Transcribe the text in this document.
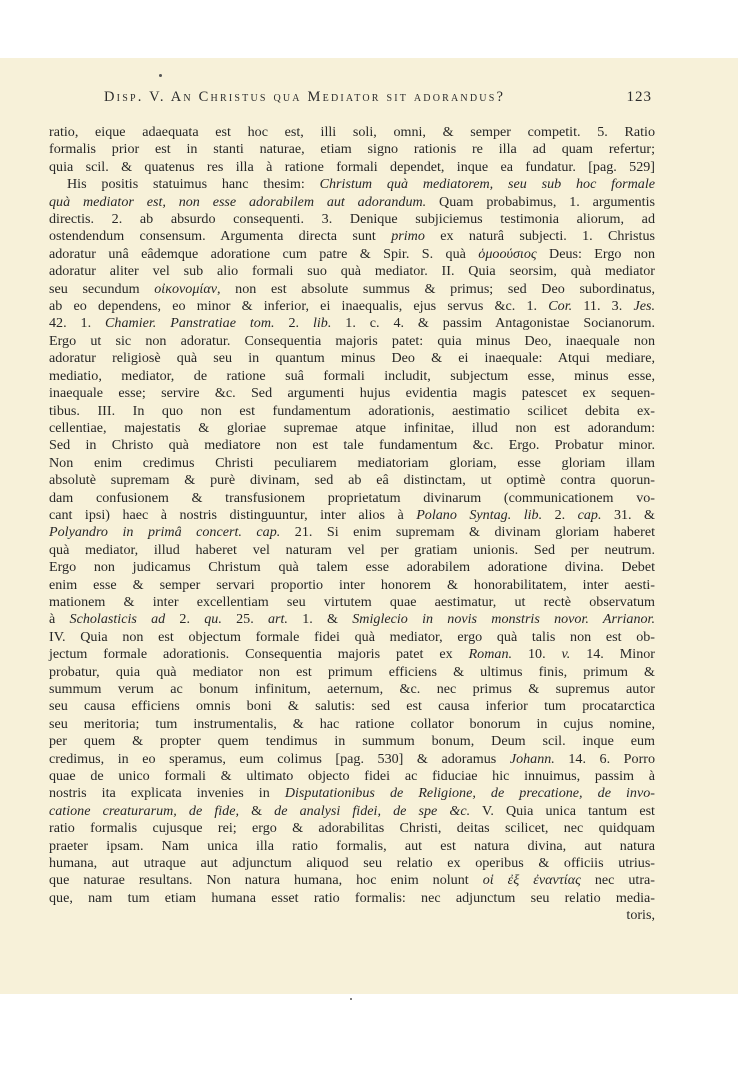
Disp. V. An Christus qua Mediator sit adorandus?	123
ratio, eique adaequata est hoc est, illi soli, omni, & semper competit. 5. Ratio
formalis prior est in stanti naturae, etiam signo rationis re illa ad quam refertur;
quia scil. & quatenus res illa à ratione formali dependet, inque ea fundatur. [pag. 529]
His positis statuimus hanc thesim: Christum quà mediatorem, seu sub hoc formale
quà mediator est, non esse adorabilem aut adorandum. Quam probabimus, 1. argumentis
directis. 2. ab absurdo consequenti. 3. Denique subjiciemus testimonia aliorum, ad
ostendendum consensum. Argumenta directa sunt primo ex naturâ subjecti. 1. Christus
adoratur unâ eâdemque adoratione cum patre & Spir. S. quà ὁμοούσιος Deus: Ergo non
adoratur aliter vel sub alio formali suo quà mediator. II. Quia seorsim, quà mediator
seu secundum οἰκονομίαν, non est absolute summus & primus; sed Deo subordinatus,
ab eo dependens, eo minor & inferior, ei inaequalis, ejus servus &c. 1. Cor. 11. 3. Jes.
42. 1. Chamier. Panstratiae tom. 2. lib. 1. c. 4. & passim Antagonistae Socianorum.
Ergo ut sic non adoratur. Consequentia majoris patet: quia minus Deo, inaequale non
adoratur religiosè quà seu in quantum minus Deo & ei inaequale: Atqui mediare,
mediatio, mediator, de ratione suâ formali includit, subjectum esse, minus esse,
inaequale esse; servire &c. Sed argumenti hujus evidentia magis patescet ex sequen-
tibus. III. In quo non est fundamentum adorationis, aestimatio scilicet debita ex-
cellentiae, majestatis & gloriae supremae atque infinitae, illud non est adorandum:
Sed in Christo quà mediatore non est tale fundamentum &c. Ergo. Probatur minor.
Non enim credimus Christi peculiarem mediatoriam gloriam, esse gloriam illam
absolutè supremam & purè divinam, sed ab eâ distinctam, ut optimè contra quorun-
dam confusionem & transfusionem proprietatum divinarum (communicationem vo-
cant ipsi) haec à nostris distinguuntur, inter alios à Polano Syntag. lib. 2. cap. 31. &
Polyandro in primâ concert. cap. 21. Si enim supremam & divinam gloriam haberet
quà mediator, illud haberet vel naturam vel per gratiam unionis. Sed per neutrum.
Ergo non judicamus Christum quà talem esse adorabilem adoratione divina. Debet
enim esse & semper servari proportio inter honorem & honorabilitatem, inter aesti-
mationem & inter excellentiam seu virtutem quae aestimatur, ut rectè observatum
à Scholasticis ad 2. qu. 25. art. 1. & Smiglecio in novis monstris novor. Arrianor.
IV. Quia non est objectum formale fidei quà mediator, ergo quà talis non est ob-
jectum formale adorationis. Consequentia majoris patet ex Roman. 10. v. 14. Minor
probatur, quia quà mediator non est primum efficiens & ultimus finis, primum &
summum verum ac bonum infinitum, aeternum, &c. nec primus & supremus autor
seu causa efficiens omnis boni & salutis: sed est causa inferior tum procatarctica
seu meritoria; tum instrumentalis, & hac ratione collator bonorum in cujus nomine,
per quem & propter quem tendimus in summum bonum, Deum scil. inque eum
credimus, in eo speramus, eum colimus [pag. 530] & adoramus Johann. 14. 6. Porro
quae de unico formali & ultimato objecto fidei ac fiduciae hic innuimus, passim à
nostris ita explicata invenies in Disputationibus de Religione, de precatione, de invo-
catione creaturarum, de fide, & de analysi fidei, de spe &c. V. Quia unica tantum est
ratio formalis cujusque rei; ergo & adorabilitas Christi, deitas scilicet, nec quidquam
praeter ipsam. Nam unica illa ratio formalis, aut est natura divina, aut natura
humana, aut utraque aut adjunctum aliquod seu relatio ex operibus & officiis utrius-
que naturae resultans. Non natura humana, hoc enim nolunt οἱ ἐξ ἐναντίας nec utra-
que, nam tum etiam humana esset ratio formalis: nec adjunctum seu relatio media-
toris,
